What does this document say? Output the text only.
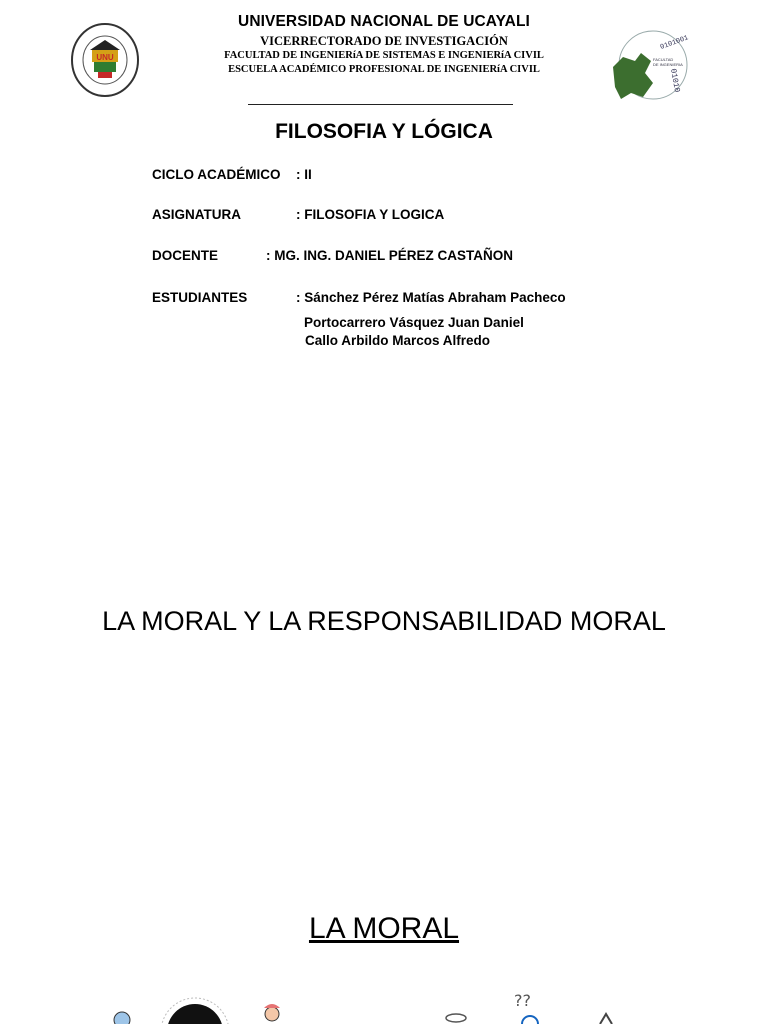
UNU
0101001
01010
FACULTAD
DE INGENIERIA
UNIVERSIDAD NACIONAL DE UCAYALI
VICERRECTORADO DE INVESTIGACIÓN
FACULTAD DE INGENIERíA DE SISTEMAS E INGENIERíA CIVIL
ESCUELA ACADÉMICO PROFESIONAL DE INGENIERíA CIVIL
FILOSOFIA Y LÓGICA
CICLO ACADÉMICO : II
ASIGNATURA	: FILOSOFIA Y LOGICA
DOCENTE	: MG. ING. DANIEL PÉREZ CASTAÑON
ESTUDIANTES	: Sánchez Pérez Matías Abraham Pacheco
Portocarrero Vásquez Juan Daniel
Callo Arbildo Marcos Alfredo
LA MORAL Y LA RESPONSABILIDAD MORAL
LA MORAL
??
